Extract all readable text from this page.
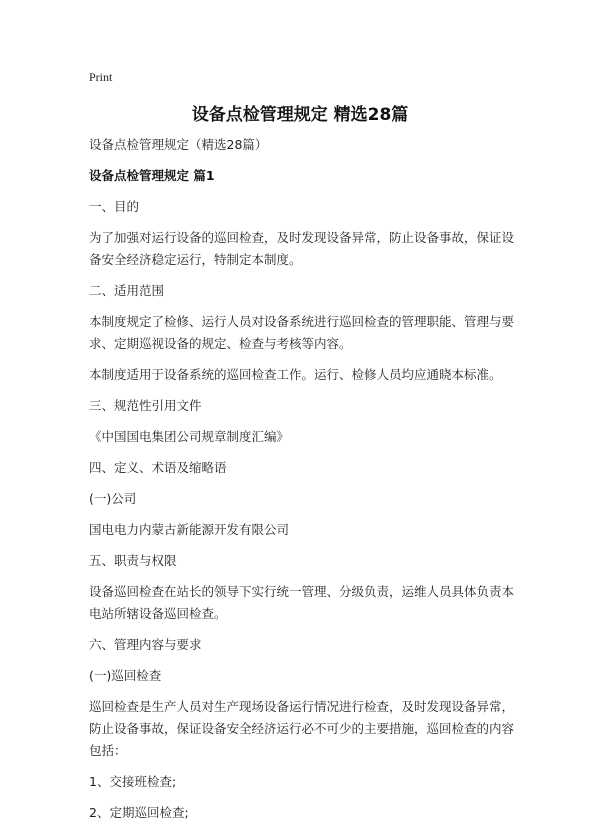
Print
设备点检管理规定 精选28篇

设备点检管理规定（精选28篇）

设备点检管理规定 篇1

一、目的

为了加强对运行设备的巡回检查，及时发现设备异常，防止设备事故，保证设备安全经济稳定运行，特制定本制度。

二、适用范围

本制度规定了检修、运行人员对设备系统进行巡回检查的管理职能、管理与要求、定期巡视设备的规定、检查与考核等内容。

本制度适用于设备系统的巡回检查工作。运行、检修人员均应通晓本标准。

三、规范性引用文件

《中国国电集团公司规章制度汇编》

四、定义、术语及缩略语

(一)公司

国电电力内蒙古新能源开发有限公司

五、职责与权限

设备巡回检查在站长的领导下实行统一管理、分级负责，运维人员具体负责本电站所辖设备巡回检查。

六、管理内容与要求

(一)巡回检查

巡回检查是生产人员对生产现场设备运行情况进行检查，及时发现设备异常，防止设备事故，保证设备安全经济运行必不可少的主要措施，巡回检查的内容包括：

1、交接班检查;

2、定期巡回检查;
